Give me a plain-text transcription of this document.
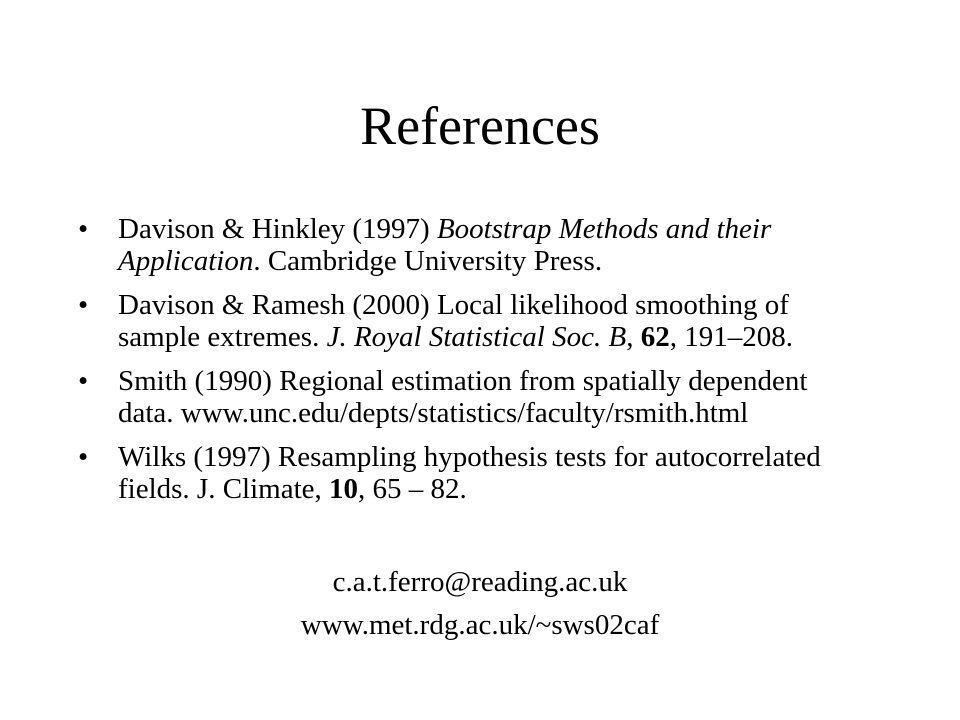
References
•	Davison & Hinkley (1997) Bootstrap Methods and their Application. Cambridge University Press.
•	Davison & Ramesh (2000) Local likelihood smoothing of sample extremes. J. Royal Statistical Soc. B, 62, 191–208.
•	Smith (1990) Regional estimation from spatially dependent data. www.unc.edu/depts/statistics/faculty/rsmith.html
•	Wilks (1997) Resampling hypothesis tests for autocorrelated fields. J. Climate, 10, 65 – 82.
c.a.t.ferro@reading.ac.uk
www.met.rdg.ac.uk/~sws02caf
